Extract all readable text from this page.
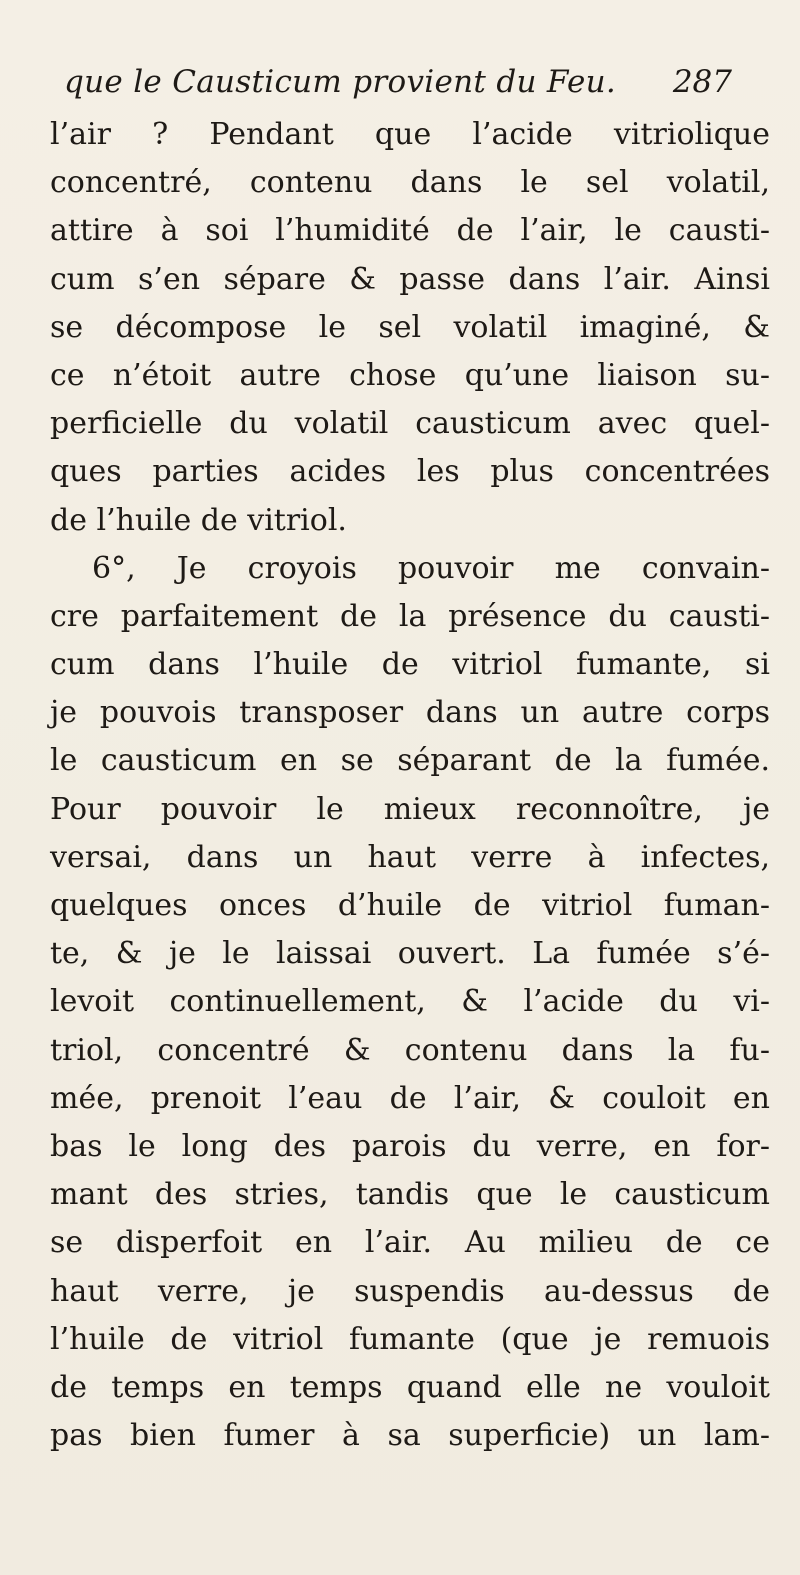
que le Causticum provient du Feu. 287
l’air ? Pendant que l’acide vitriolique
concentré, contenu dans le sel volatil,
attire à soi l’humidité de l’air, le causti-
cum s’en sépare & passe dans l’air. Ainsi
se décompose le sel volatil imaginé, &
ce n’étoit autre chose qu’une liaison su-
perficielle du volatil causticum avec quel-
ques parties acides les plus concentrées
de l’huile de vitriol.
6°, Je croyois pouvoir me convain-
cre parfaitement de la présence du causti-
cum dans l’huile de vitriol fumante, si
je pouvois transposer dans un autre corps
le causticum en se séparant de la fumée.
Pour pouvoir le mieux reconnoître, je
versai, dans un haut verre à infectes,
quelques onces d’huile de vitriol fuman-
te, & je le laissai ouvert. La fumée s’é-
levoit continuellement, & l’acide du vi-
triol, concentré & contenu dans la fu-
mée, prenoit l’eau de l’air, & couloit en
bas le long des parois du verre, en for-
mant des stries, tandis que le causticum
se disperfoit en l’air. Au milieu de ce
haut verre, je suspendis au-dessus de
l’huile de vitriol fumante (que je remuois
de temps en temps quand elle ne vouloit
pas bien fumer à sa superficie) un lam-
